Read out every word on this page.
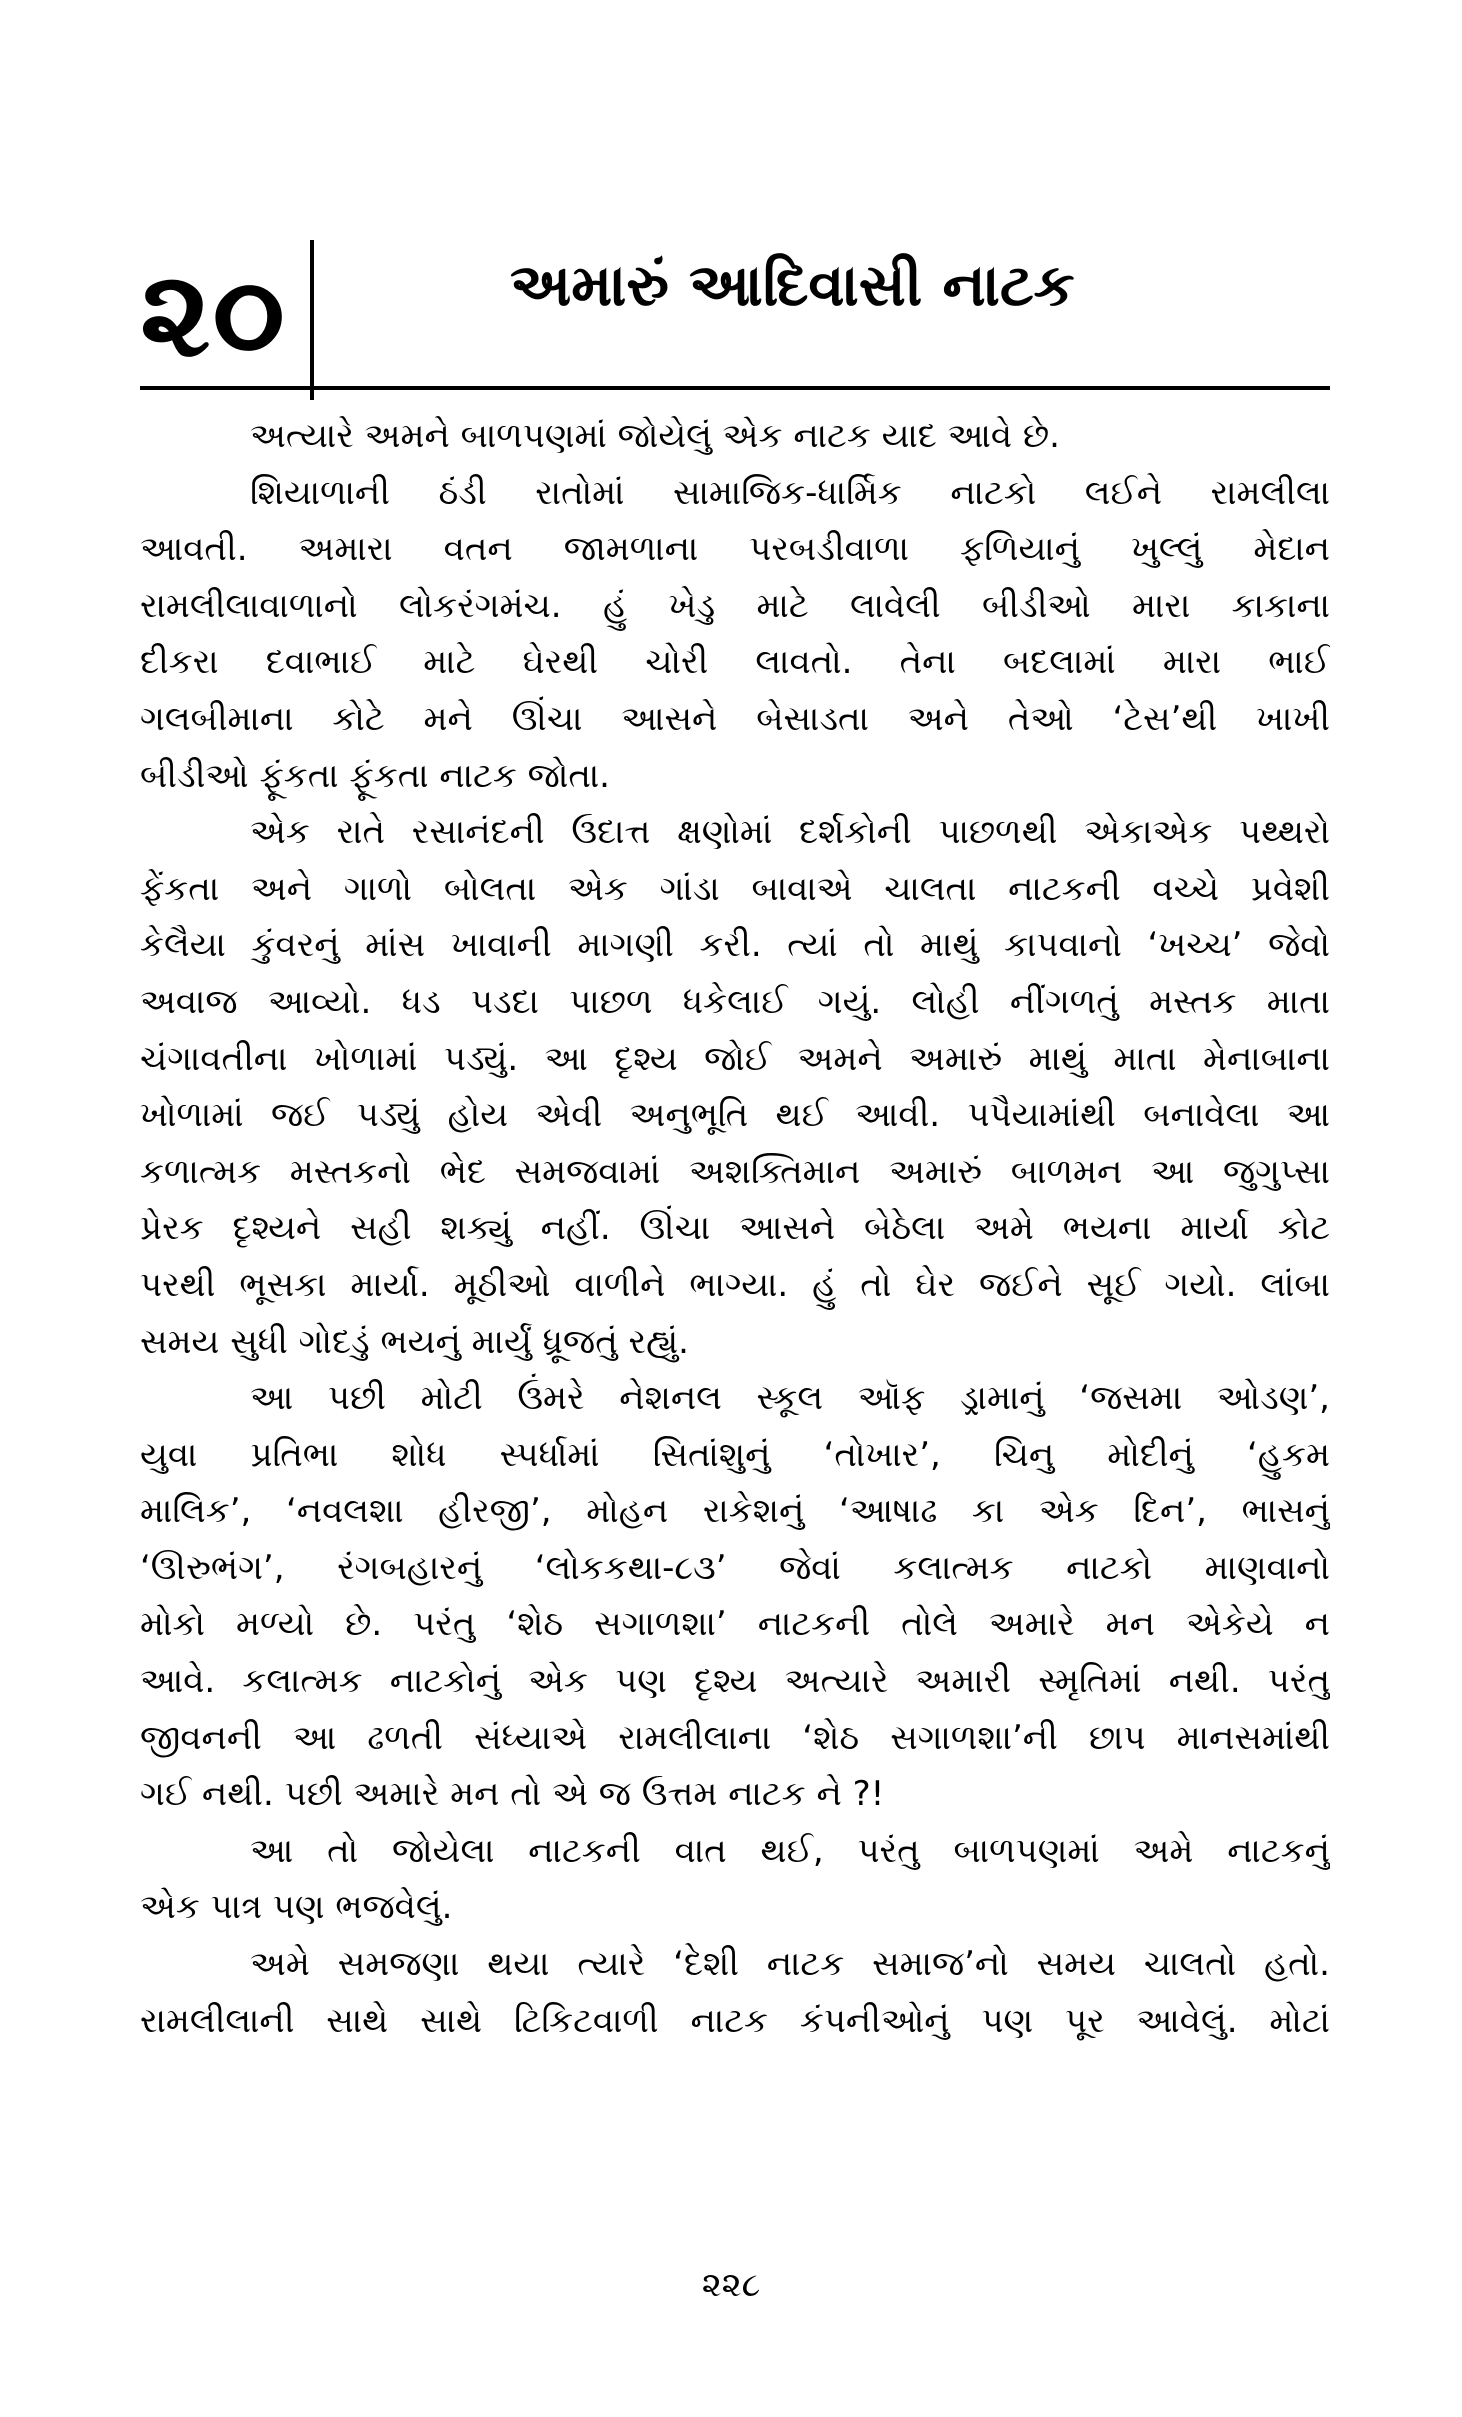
૨૦	અમારું આદિવાસી નાટક
અત્યારે અમને બાળપણમાં જોયેલું એક નાટક યાદ આવે છે.
શિયાળાની ઠંડી રાતોમાં સામાજિક-ધાર્મિક નાટકો લઈને રામલીલા
આવતી. અમારા વતન જામળાના પરબડીવાળા ફળિયાનું ખુલ્લું મેદાન
રામલીલાવાળાનો લોકરંગમંચ. હું ખેડુ માટે લાવેલી બીડીઓ મારા કાકાના
દીકરા દવાભાઈ માટે ઘેરથી ચોરી લાવતો. તેના બદલામાં મારા ભાઈ
ગલબીમાના કોટે મને ઊંચા આસને બેસાડતા અને તેઓ ‘ટેસ’થી ખાખી
બીડીઓ ફૂંકતા ફૂંકતા નાટક જોતા.
એક રાતે રસાનંદની ઉદાત્ત ક્ષણોમાં દર્શકોની પાછળથી એકાએક પથ્થરો
ફેંકતા અને ગાળો બોલતા એક ગાંડા બાવાએ ચાલતા નાટકની વચ્ચે પ્રવેશી
કેલૈયા કુંવરનું માંસ ખાવાની માગણી કરી. ત્યાં તો માથું કાપવાનો ‘ખચ્ચ’ જેવો
અવાજ આવ્યો. ધડ પડદા પાછળ ધકેલાઈ ગયું. લોહી નીંગળતું મસ્તક માતા
ચંગાવતીના ખોળામાં પડ્યું. આ દૃશ્ય જોઈ અમને અમારું માથું માતા મેનાબાના
ખોળામાં જઈ પડ્યું હોય એવી અનુભૂતિ થઈ આવી. પપૈયામાંથી બનાવેલા આ
કળાત્મક મસ્તકનો ભેદ સમજવામાં અશક્તિમાન અમારું બાળમન આ જુગુપ્સા
પ્રેરક દૃશ્યને સહી શક્યું નહીં. ઊંચા આસને બેઠેલા અમે ભયના માર્યા કોટ
પરથી ભૂસકા માર્યા. મૂઠીઓ વાળીને ભાગ્યા. હું તો ઘેર જઈને સૂઈ ગયો. લાંબા
સમય સુધી ગોદડું ભયનું માર્યું ધ્રૂજતું રહ્યું.
આ પછી મોટી ઉંમરે નેશનલ સ્કૂલ ઑફ ડ્રામાનું ‘જસમા ઓડણ’,
યુવા પ્રતિભા શોધ સ્પર્ધામાં સિતાંશુનું ‘તોખાર’, ચિનુ મોદીનું ‘હુકમ
માલિક’, ‘નવલશા હીરજી’, મોહન રાકેશનું ‘આષાઢ કા એક દિન’, ભાસનું
‘ઊરુભંગ’, રંગબહારનું ‘લોકકથા-૮૩’ જેવાં કલાત્મક નાટકો માણવાનો
મોકો મળ્યો છે. પરંતુ ‘શેઠ સગાળશા’ નાટકની તોલે અમારે મન એકેયે ન
આવે. કલાત્મક નાટકોનું એક પણ દૃશ્ય અત્યારે અમારી સ્મૃતિમાં નથી. પરંતુ
જીવનની આ ઢળતી સંધ્યાએ રામલીલાના ‘શેઠ સગાળશા’ની છાપ માનસમાંથી
ગઈ નથી. પછી અમારે મન તો એ જ ઉત્તમ નાટક ને ?!
આ તો જોયેલા નાટકની વાત થઈ, પરંતુ બાળપણમાં અમે નાટકનું
એક પાત્ર પણ ભજવેલું.
અમે સમજણા થયા ત્યારે ‘દેશી નાટક સમાજ’નો સમય ચાલતો હતો.
રામલીલાની સાથે સાથે ટિકિટવાળી નાટક કંપનીઓનું પણ પૂર આવેલું. મોટાં
૨૨૮
